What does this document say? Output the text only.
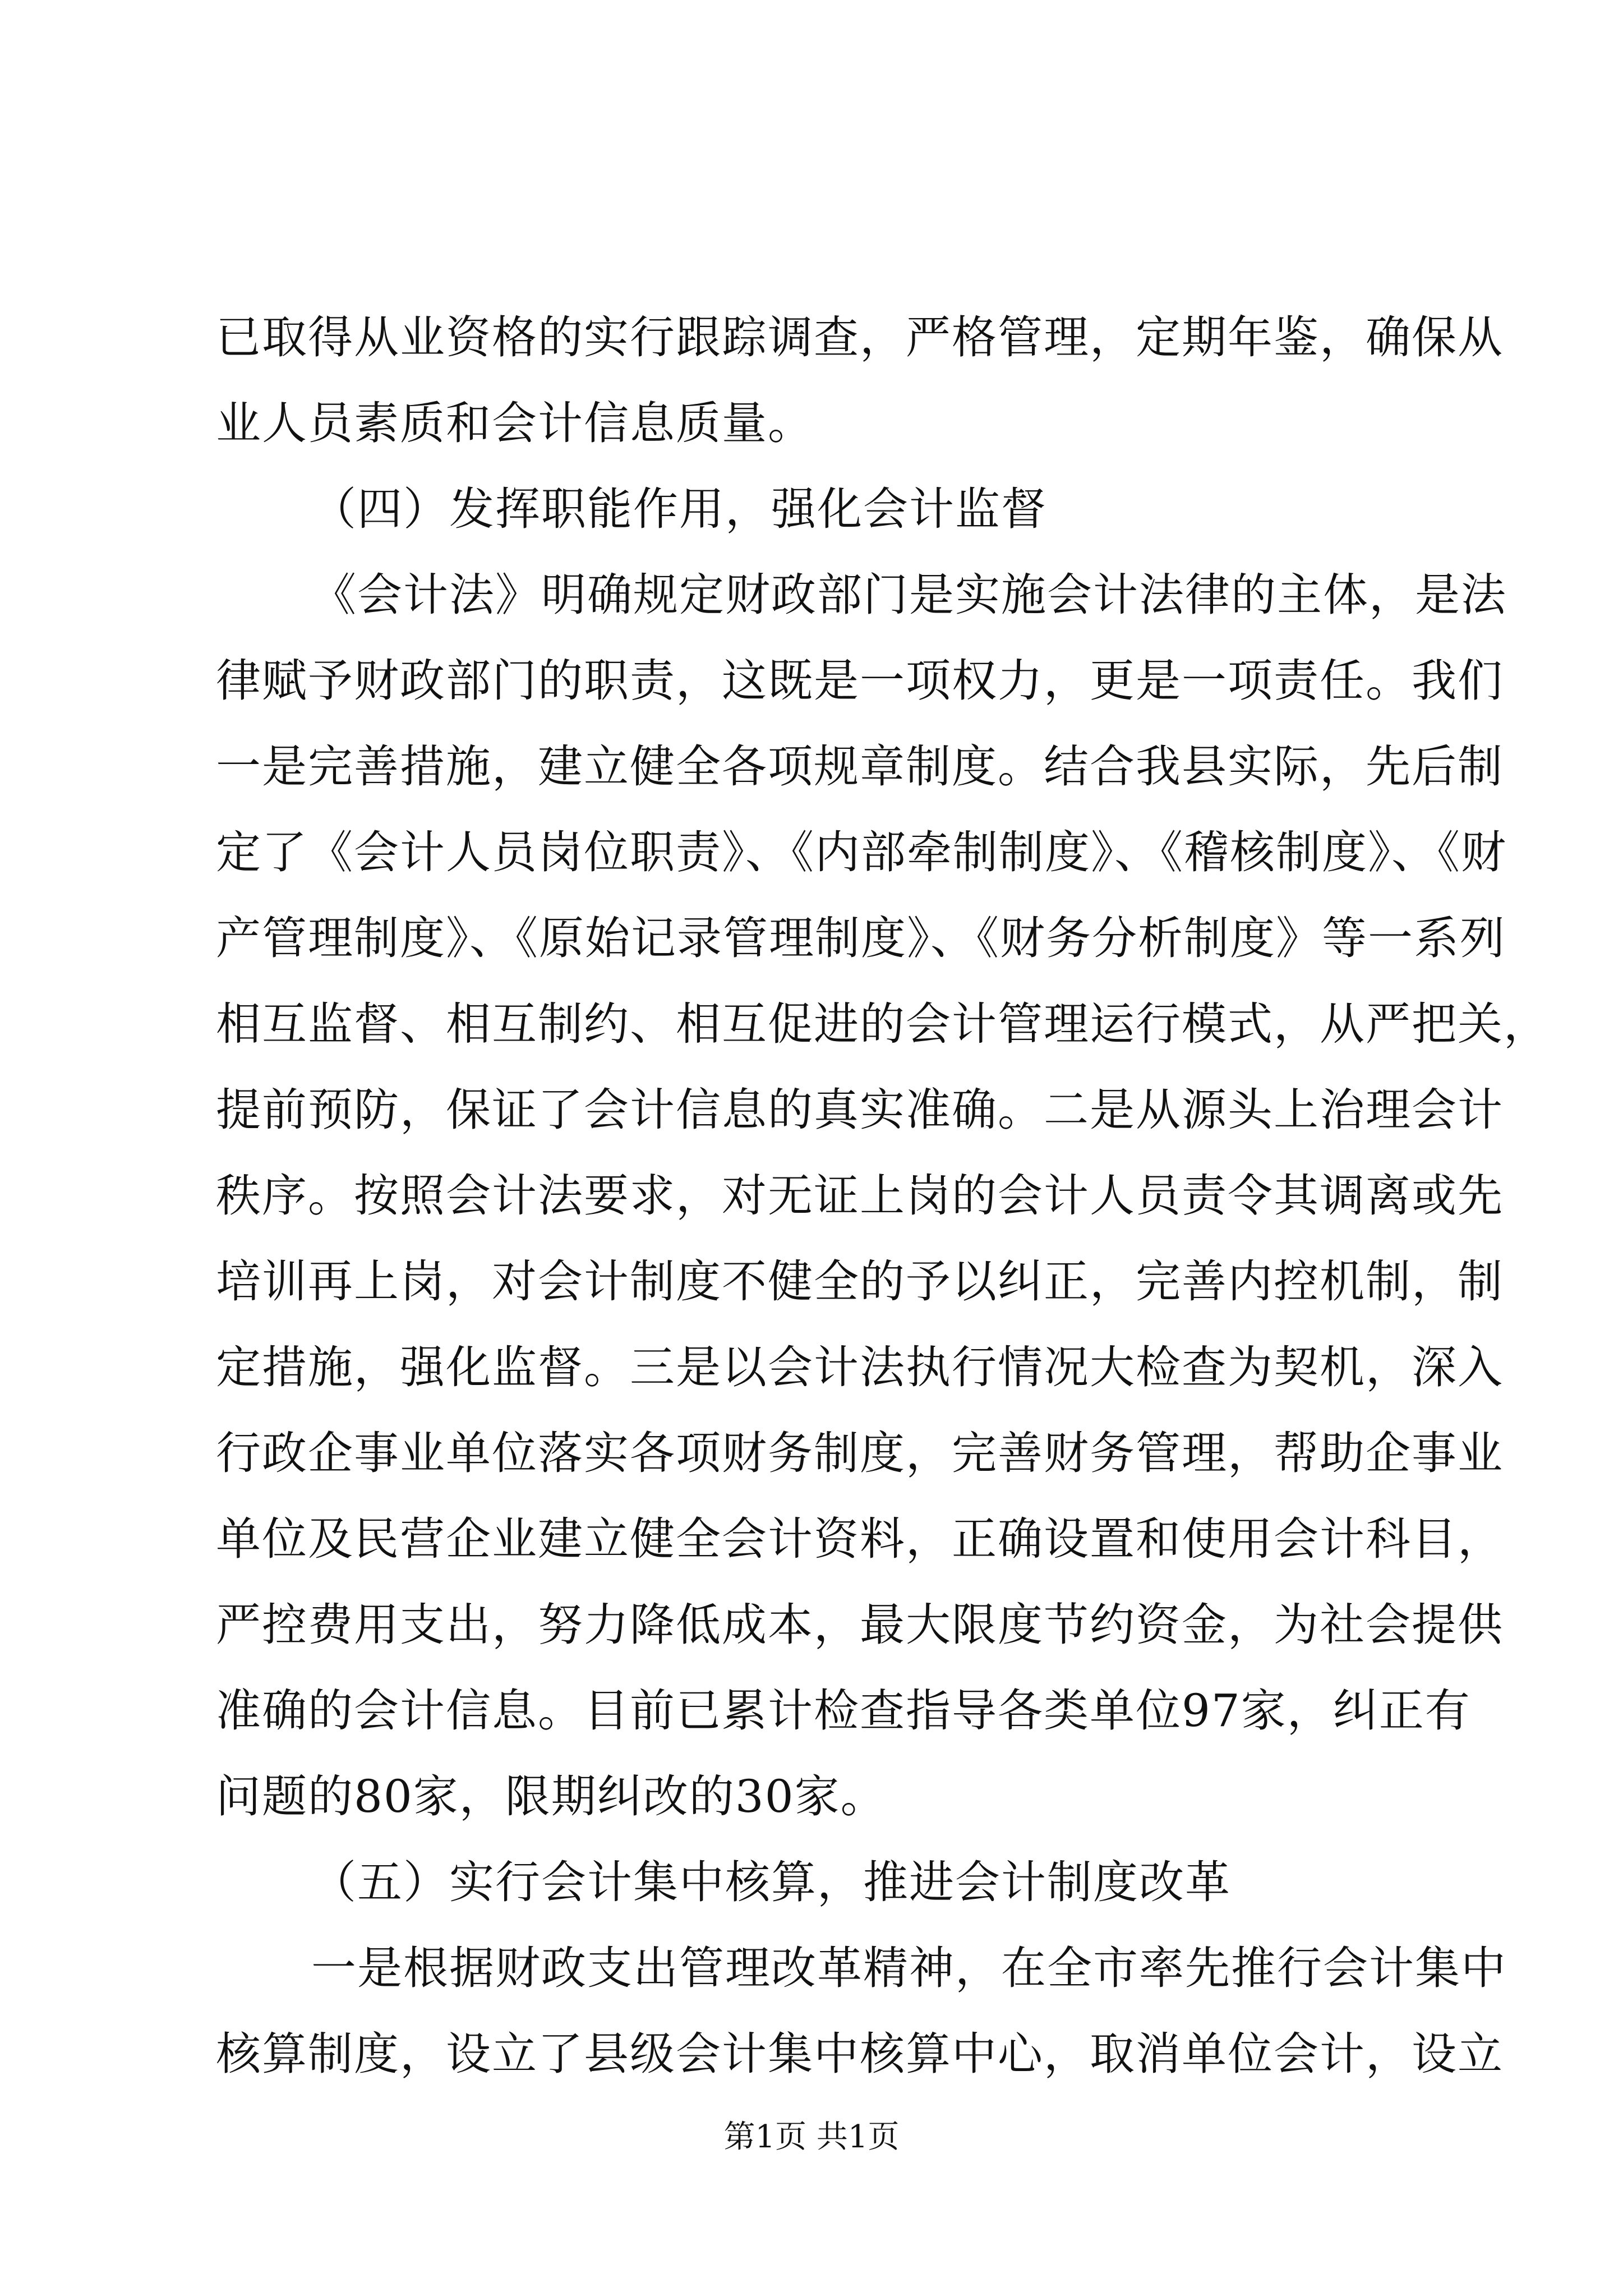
已取得从业资格的实行跟踪调查，严格管理，定期年鉴，确保从
业人员素质和会计信息质量。
（四）发挥职能作用，强化会计监督
《会计法》明确规定财政部门是实施会计法律的主体，是法
律赋予财政部门的职责，这既是一项权力，更是一项责任。我们
一是完善措施，建立健全各项规章制度。结合我县实际，先后制
定了《会计人员岗位职责》、《内部牵制制度》、《稽核制度》、《财
产管理制度》、《原始记录管理制度》、《财务分析制度》等一系列
相互监督、相互制约、相互促进的会计管理运行模式，从严把关，
提前预防，保证了会计信息的真实准确。二是从源头上治理会计
秩序。按照会计法要求，对无证上岗的会计人员责令其调离或先
培训再上岗，对会计制度不健全的予以纠正，完善内控机制，制
定措施，强化监督。三是以会计法执行情况大检查为契机，深入
行政企事业单位落实各项财务制度，完善财务管理，帮助企事业
单位及民营企业建立健全会计资料，正确设置和使用会计科目，
严控费用支出，努力降低成本，最大限度节约资金，为社会提供
准确的会计信息。目前已累计检查指导各类单位97家，纠正有
问题的80家，限期纠改的30家。
（五）实行会计集中核算，推进会计制度改革
一是根据财政支出管理改革精神，在全市率先推行会计集中
核算制度，设立了县级会计集中核算中心，取消单位会计，设立
第1页 共1页
